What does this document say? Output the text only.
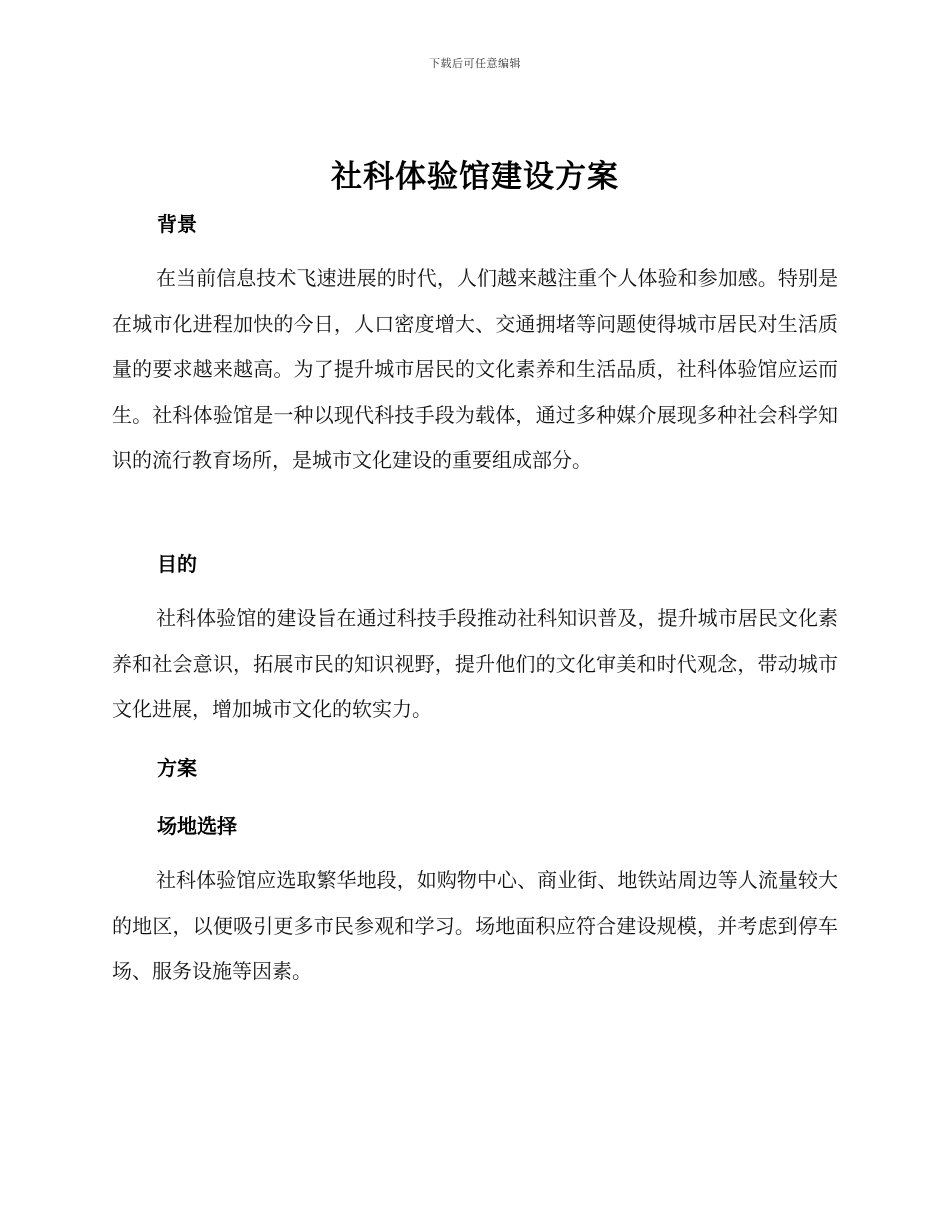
下载后可任意编辑
社科体验馆建设方案
背景

在当前信息技术飞速进展的时代，人们越来越注重个人体验和参加感。特别是在城市化进程加快的今日，人口密度增大、交通拥堵等问题使得城市居民对生活质量的要求越来越高。为了提升城市居民的文化素养和生活品质，社科体验馆应运而生。社科体验馆是一种以现代科技手段为载体，通过多种媒介展现多种社会科学知识的流行教育场所，是城市文化建设的重要组成部分。

目的

社科体验馆的建设旨在通过科技手段推动社科知识普及，提升城市居民文化素养和社会意识，拓展市民的知识视野，提升他们的文化审美和时代观念，带动城市文化进展，增加城市文化的软实力。

方案
场地选择

社科体验馆应选取繁华地段，如购物中心、商业街、地铁站周边等人流量较大的地区，以便吸引更多市民参观和学习。场地面积应符合建设规模，并考虑到停车场、服务设施等因素。
